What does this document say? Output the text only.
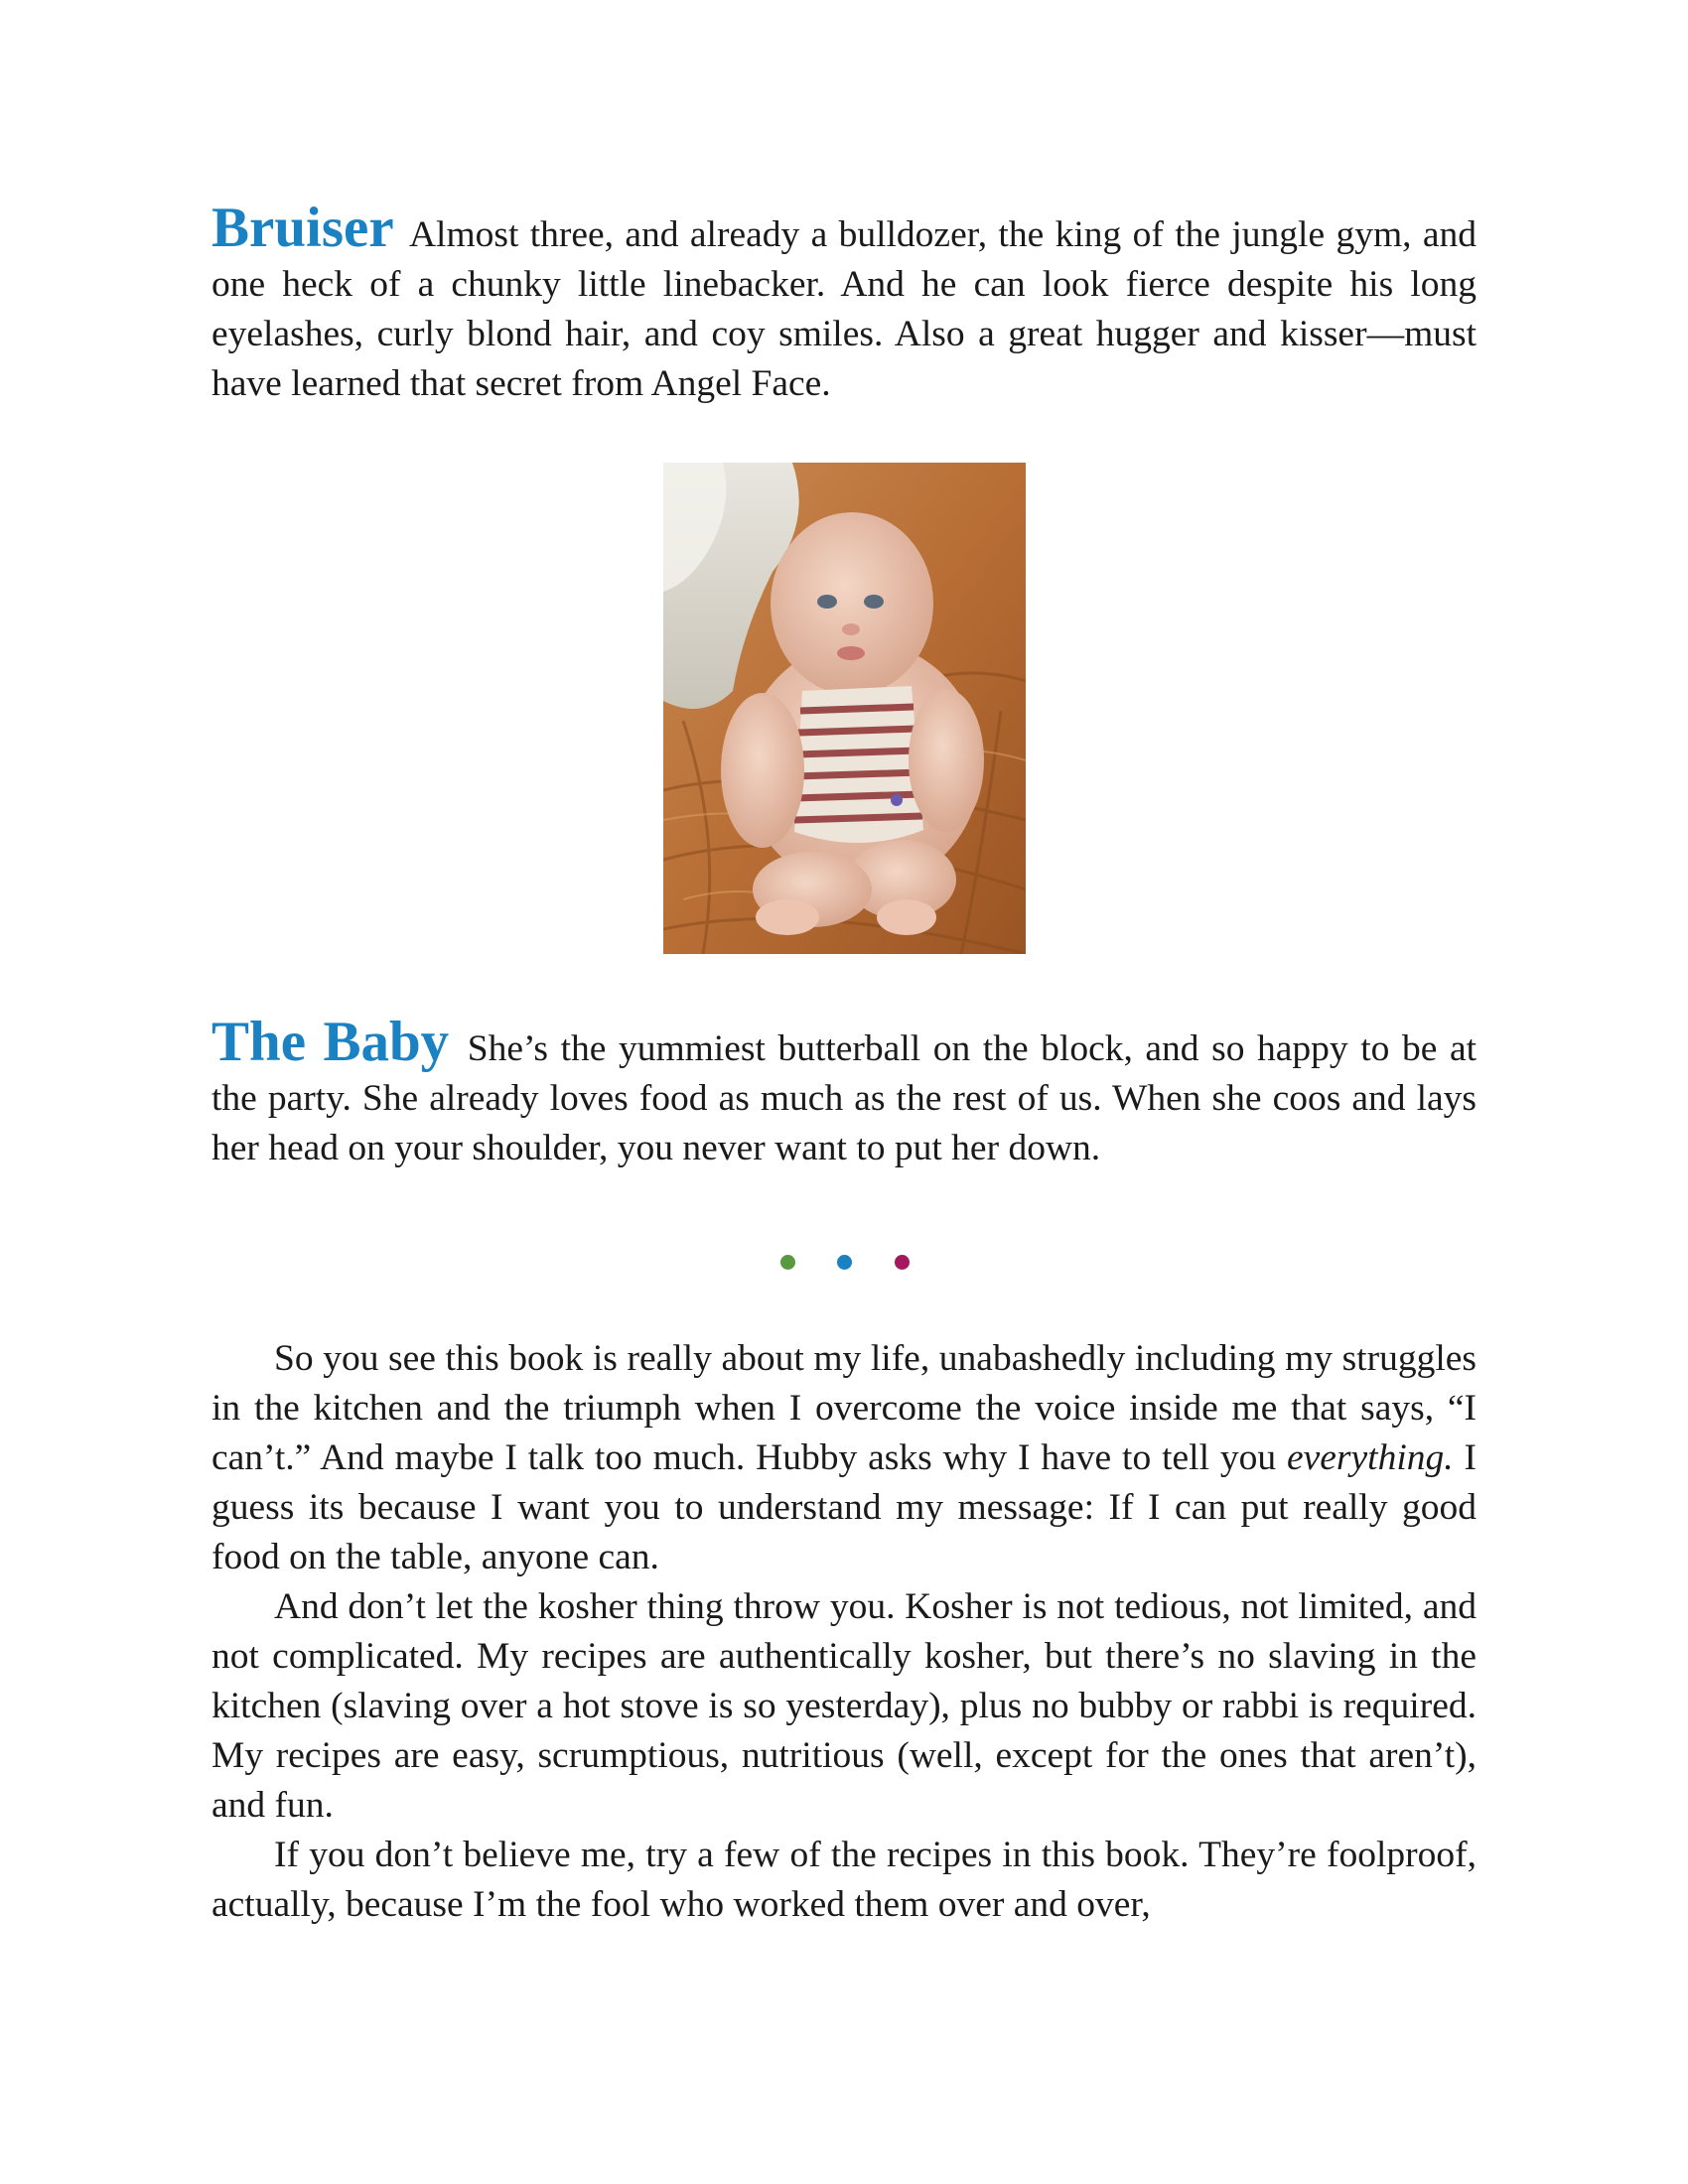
Bruiser Almost three, and already a bulldozer, the king of the jungle gym, and one heck of a chunky little linebacker. And he can look fierce despite his long eyelashes, curly blond hair, and coy smiles. Also a great hugger and kisser—must have learned that secret from Angel Face.
The Baby She’s the yummiest butterball on the block, and so happy to be at the party. She already loves food as much as the rest of us. When she coos and lays her head on your shoulder, you never want to put her down.

So you see this book is really about my life, unabashedly including my struggles in the kitchen and the triumph when I overcome the voice inside me that says, “I can’t.” And maybe I talk too much. Hubby asks why I have to tell you everything. I guess its because I want you to understand my message: If I can put really good food on the table, anyone can.

And don’t let the kosher thing throw you. Kosher is not tedious, not limited, and not complicated. My recipes are authentically kosher, but there’s no slaving in the kitchen (slaving over a hot stove is so yesterday), plus no bubby or rabbi is required. My recipes are easy, scrumptious, nutritious (well, except for the ones that aren’t), and fun.

If you don’t believe me, try a few of the recipes in this book. They’re foolproof, actually, because I’m the fool who worked them over and over,
